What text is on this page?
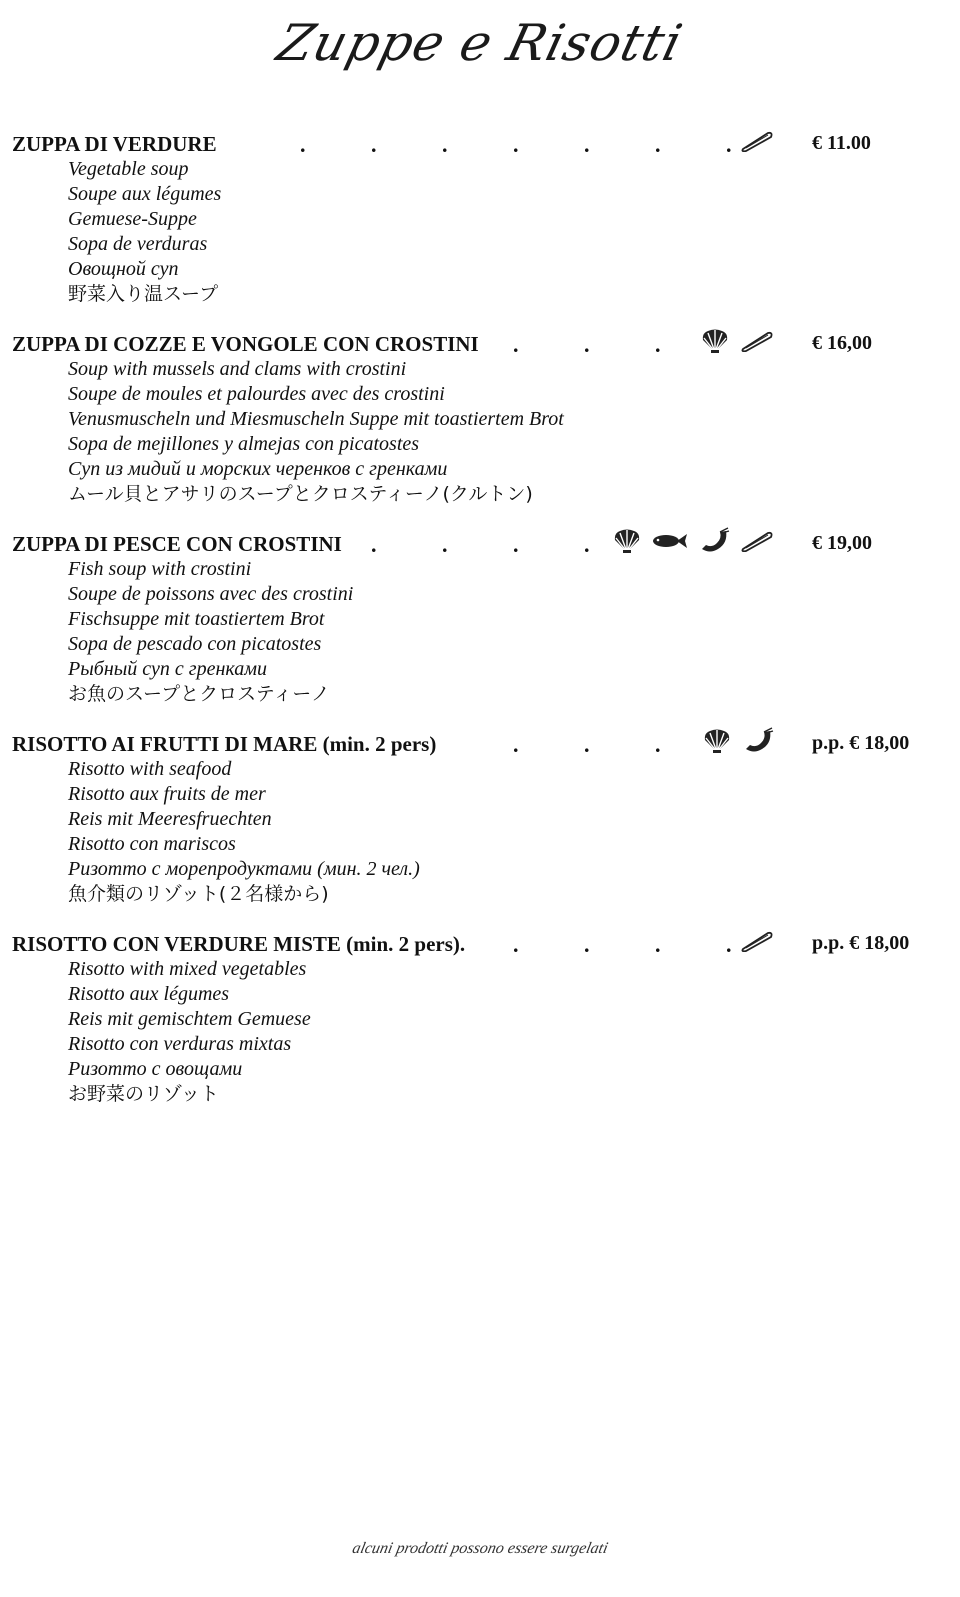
Zuppe e Risotti
.	.	.	.	.	.	.
ZUPPA DI VERDURE	€ 11.00
Vegetable soup
Soupe aux légumes
Gemuese-Suppe
Sopa de verduras
Овощной суп
野菜入り温スープ
.	.	.
ZUPPA DI COZZE E VONGOLE CON CROSTINI	€ 16,00
Soup with mussels and clams with crostini
Soupe de moules et palourdes avec des crostini
Venusmuscheln und Miesmuscheln Suppe mit toastiertem Brot
Sopa de mejillones y almejas con picatostes
Суп из мидий и морских черенков с гренками
ムール貝とアサリのスープとクロスティーノ(クルトン)
.	.	.	.
ZUPPA DI PESCE CON CROSTINI	€ 19,00
Fish soup with crostini
Soupe de poissons avec des crostini
Fischsuppe mit toastiertem Brot
Sopa de pescado con picatostes
Рыбный суп с гренками
お魚のスープとクロスティーノ
.	.	.
RISOTTO AI FRUTTI DI MARE (min. 2 pers)	p.p. € 18,00
Risotto with seafood
Risotto aux fruits de mer
Reis mit Meeresfruechten
Risotto con mariscos
Ризотто с морепродуктами (мин. 2 чел.)
魚介類のリゾット(２名様から)
.	.	.	.
RISOTTO CON VERDURE MISTE (min. 2 pers).	p.p. € 18,00
Risotto with mixed vegetables
Risotto aux légumes
Reis mit gemischtem Gemuese
Risotto con verduras mixtas
Ризотто с овощами
お野菜のリゾット
alcuni prodotti possono essere surgelati
